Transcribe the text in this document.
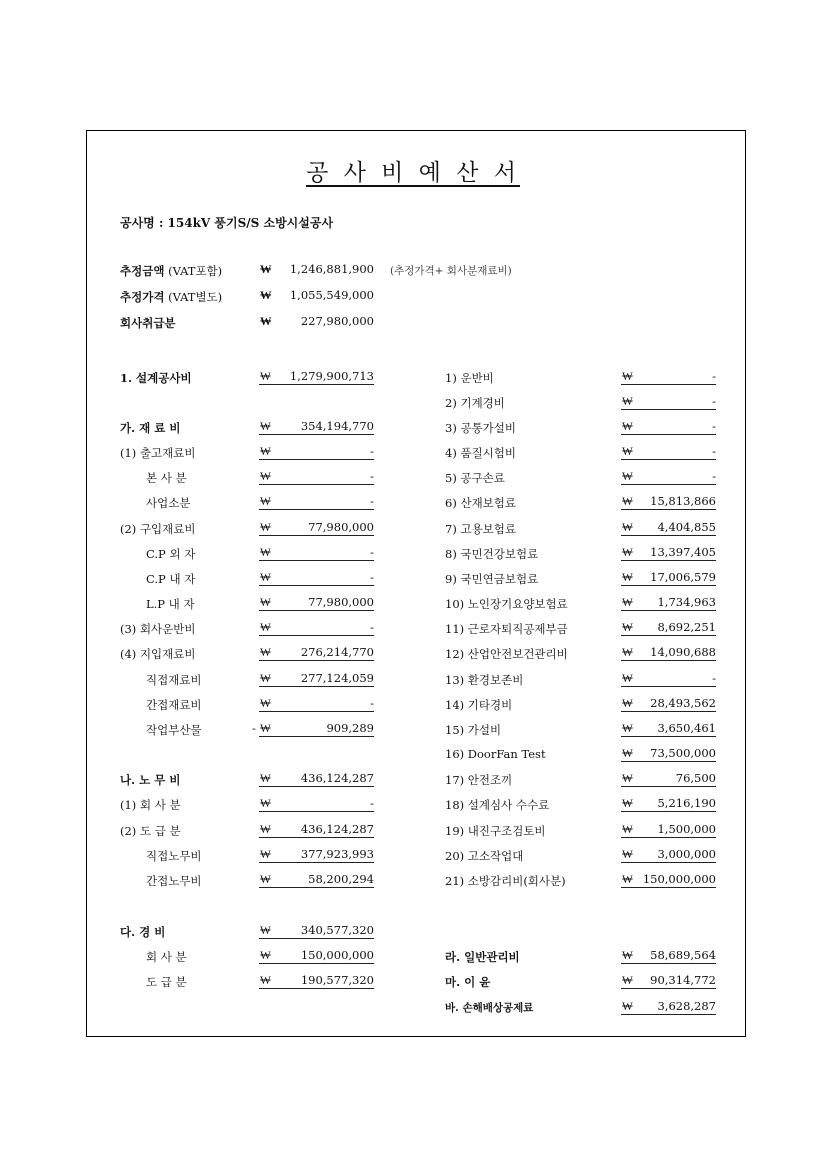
공 사 비 예 산 서
공사명 : 154kV 풍기S/S 소방시설공사
추정금액 (VAT포함)	₩ 1,246,881,900 (추정가격+ 회사분재료비)
추정가격 (VAT별도)	₩ 1,055,549,000
회사취급분	₩	227,980,000
1. 설계공사비	₩ 1,279,900,713
가. 재 료 비	₩	354,194,770
(1) 출고재료비	₩	-
본 사 분	₩	-
사업소분	₩	-
(2) 구입재료비	₩	77,980,000
C.P 외 자	₩	-
C.P 내 자	₩	-
L.P 내 자	₩	77,980,000
(3) 회사운반비	₩	-
(4) 지입재료비	₩	276,214,770
직접재료비	₩	277,124,059
간접재료비	₩	-
작업부산물	₩	909,289
-
나. 노 무 비	₩	436,124,287
(1) 회 사 분	₩	-
(2) 도 급 분	₩	436,124,287
직접노무비	₩	377,923,993
간접노무비	₩	58,200,294
다. 경 비	₩	340,577,320
회 사 분	₩	150,000,000
도 급 분	₩	190,577,320
1) 운반비	₩	-
2) 기계경비	₩	-
3) 공통가설비	₩	-
4) 품질시험비	₩	-
5) 공구손료	₩	-
6) 산재보험료	₩ 15,813,866
7) 고용보험료	₩ 4,404,855
8) 국민건강보험료	₩ 13,397,405
9) 국민연금보험료	₩ 17,006,579
10) 노인장기요양보험료	₩ 1,734,963
11) 근로자퇴직공제부금	₩ 8,692,251
12) 산업안전보건관리비	₩ 14,090,688
13) 환경보존비	₩	-
14) 기타경비	₩ 28,493,562
15) 가설비	₩ 3,650,461
16) DoorFan Test	₩ 73,500,000
17) 안전조끼	₩	76,500
18) 설계심사 수수료	₩ 5,216,190
19) 내진구조검토비	₩ 1,500,000
20) 고소작업대	₩ 3,000,000
21) 소방감리비(회사분)	₩ 150,000,000
라. 일반관리비	₩ 58,689,564
마. 이 윤	₩ 90,314,772
바. 손해배상공제료	₩ 3,628,287
